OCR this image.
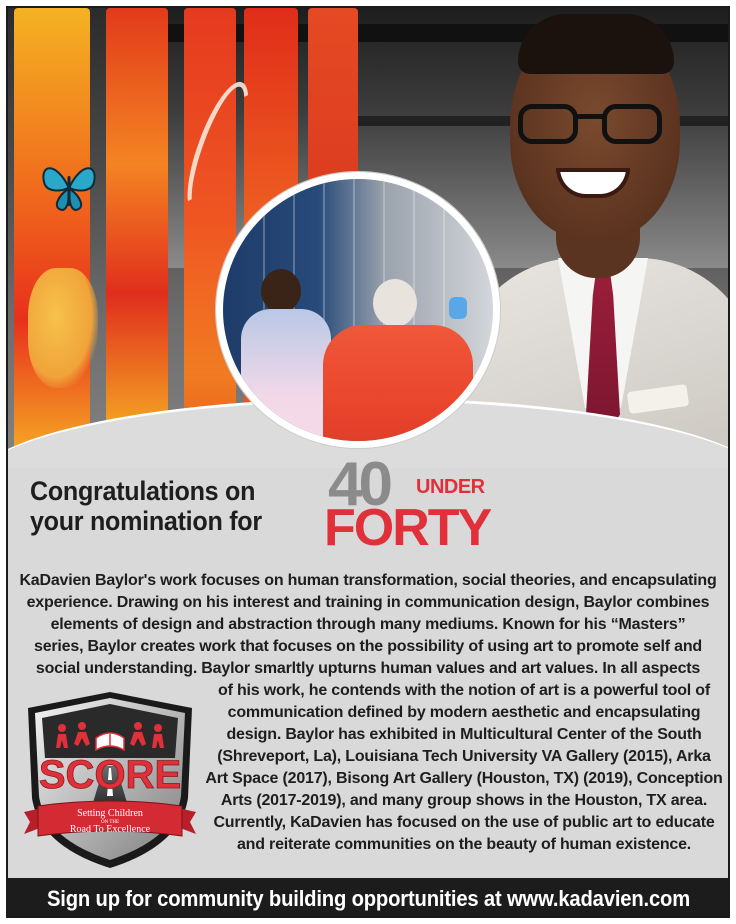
Congratulations on
your nomination for
40 UNDER
FORTY
KaDavien Baylor's work focuses on human transformation, social theories, and encapsulating
experience. Drawing on his interest and training in communication design, Baylor combines
elements of design and abstraction through many mediums. Known for his “Masters”
series, Baylor creates work that focuses on the possibility of using art to promote self and
social understanding. Baylor smarltly upturns human values and art values. In all aspects
of his work, he contends with the notion of art is a powerful tool of
communication defined by modern aesthetic and encapsulating
design. Baylor has exhibited in Multicultural Center of the South
(Shreveport, La), Louisiana Tech University VA Gallery (2015), Arka
Art Space (2017), Bisong Art Gallery (Houston, TX) (2019), Conception
Arts (2017-2019), and many group shows in the Houston, TX area.
Currently, KaDavien has focused on the use of public art to educate
and reiterate communities on the beauty of human existence.
SCORE
Setting Children
ON THE
Road To Excellence
Sign up for community building opportunities at www.kadavien.com
